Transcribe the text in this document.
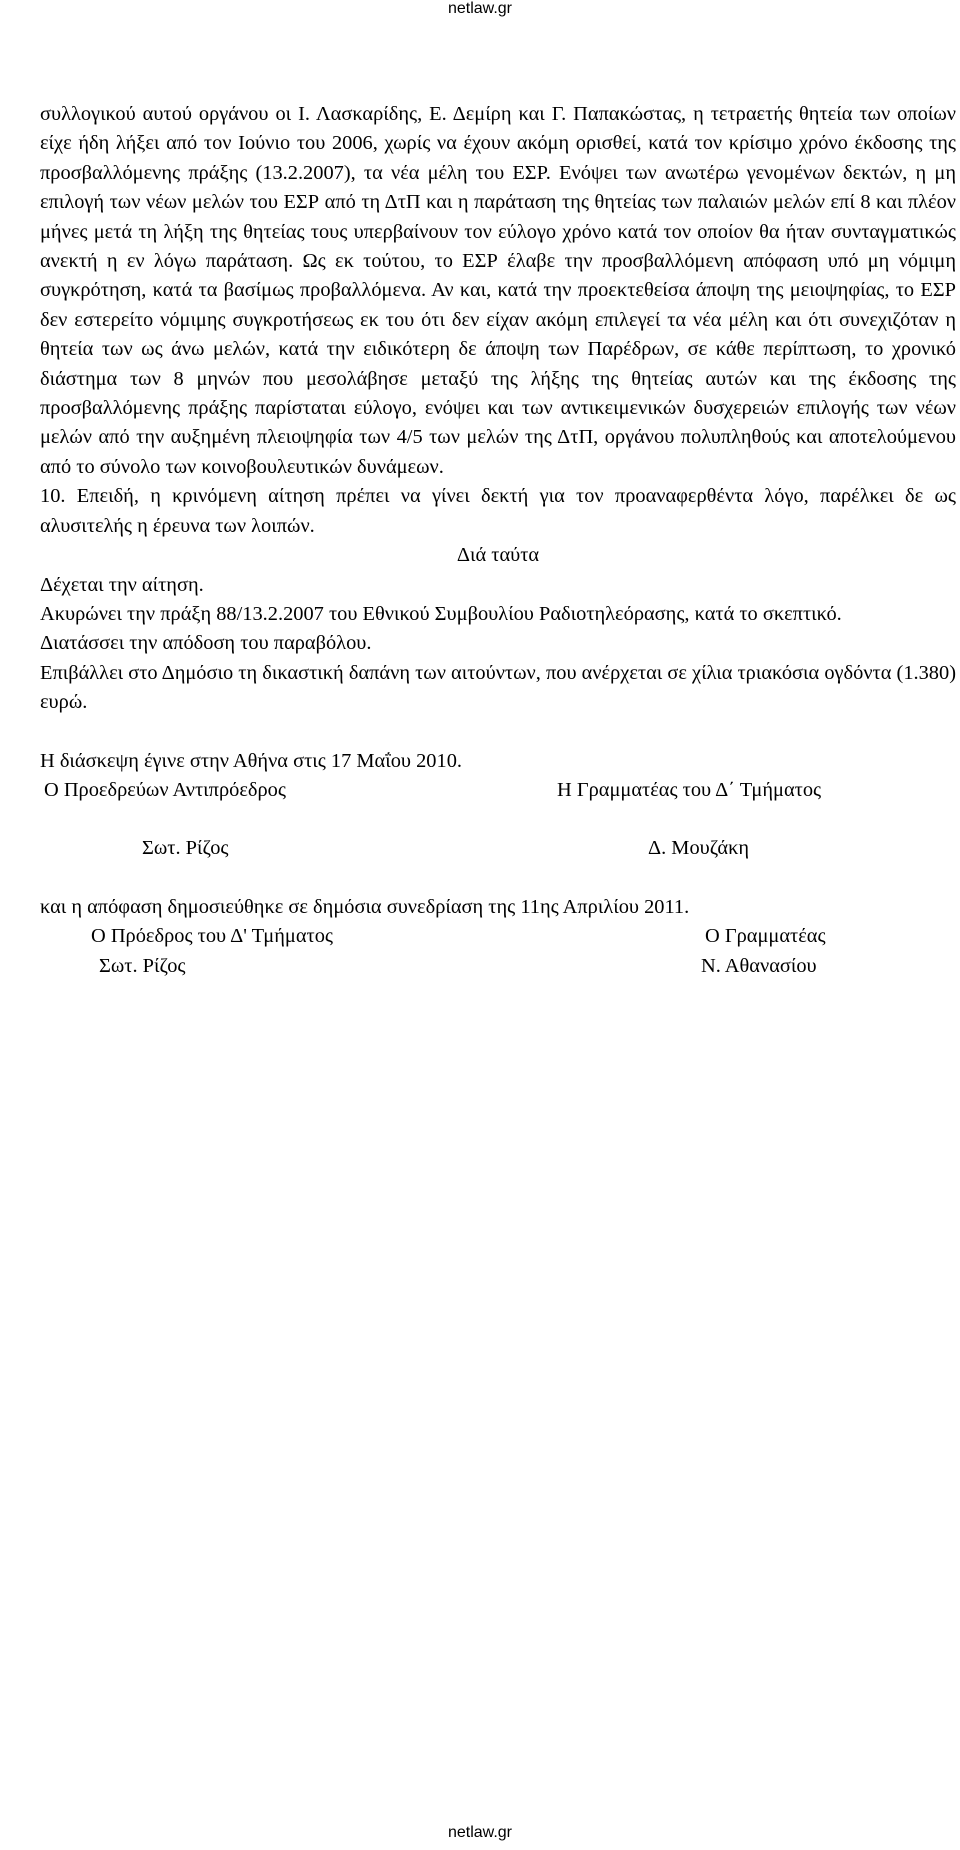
netlaw.gr

συλλογικού αυτού οργάνου οι Ι. Λασκαρίδης, Ε. Δεμίρη και Γ. Παπακώστας, η τετραετής θητεία των οποίων είχε ήδη λήξει από τον Ιούνιο του 2006, χωρίς να έχουν ακόμη ορισθεί, κατά τον κρίσιμο χρόνο έκδοσης της προσβαλλόμενης πράξης (13.2.2007), τα νέα μέλη του ΕΣΡ. Ενόψει των ανωτέρω γενομένων δεκτών, η μη επιλογή των νέων μελών του ΕΣΡ από τη ΔτΠ και η παράταση της θητείας των παλαιών μελών επί 8 και πλέον μήνες μετά τη λήξη της θητείας τους υπερβαίνουν τον εύλογο χρόνο κατά τον οποίον θα ήταν συνταγματικώς ανεκτή η εν λόγω παράταση. Ως εκ τούτου, το ΕΣΡ έλαβε την προσβαλλόμενη απόφαση υπό μη νόμιμη συγκρότηση, κατά τα βασίμως προβαλλόμενα. Αν και, κατά την προεκτεθείσα άποψη της μειοψηφίας, το ΕΣΡ δεν εστερείτο νόμιμης συγκροτήσεως εκ του ότι δεν είχαν ακόμη επιλεγεί τα νέα μέλη και ότι συνεχιζόταν η θητεία των ως άνω μελών, κατά την ειδικότερη δε άποψη των Παρέδρων, σε κάθε περίπτωση, το χρονικό διάστημα των 8 μηνών που μεσολάβησε μεταξύ της λήξης της θητείας αυτών και της έκδοσης της προσβαλλόμενης πράξης παρίσταται εύλογο, ενόψει και των αντικειμενικών δυσχερειών επιλογής των νέων μελών από την αυξημένη πλειοψηφία των 4/5 των μελών της ΔτΠ, οργάνου πολυπληθούς και αποτελούμενου από το σύνολο των κοινοβουλευτικών δυνάμεων.

10. Επειδή, η κρινόμενη αίτηση πρέπει να γίνει δεκτή για τον προαναφερθέντα λόγο, παρέλκει δε ως αλυσιτελής η έρευνα των λοιπών.

Διά ταύτα

Δέχεται την αίτηση.

Ακυρώνει την πράξη 88/13.2.2007 του Εθνικού Συμβουλίου Ραδιοτηλεόρασης, κατά το σκεπτικό.

Διατάσσει την απόδοση του παραβόλου.

Επιβάλλει στο Δημόσιο τη δικαστική δαπάνη των αιτούντων, που ανέρχεται σε χίλια τριακόσια ογδόντα (1.380) ευρώ.

Η διάσκεψη έγινε στην Αθήνα στις 17 Μαΐου 2010.

Ο Προεδρεύων Αντιπρόεδρος	Η Γραμματέας του Δ΄ Τμήματος
Σωτ. Ρίζος	Δ. Μουζάκη

και η απόφαση δημοσιεύθηκε σε δημόσια συνεδρίαση της 11ης Απριλίου 2011.

Ο Πρόεδρος του Δ' Τμήματος	Ο Γραμματέας
Σωτ. Ρίζος	Ν. Αθανασίου
netlaw.gr
